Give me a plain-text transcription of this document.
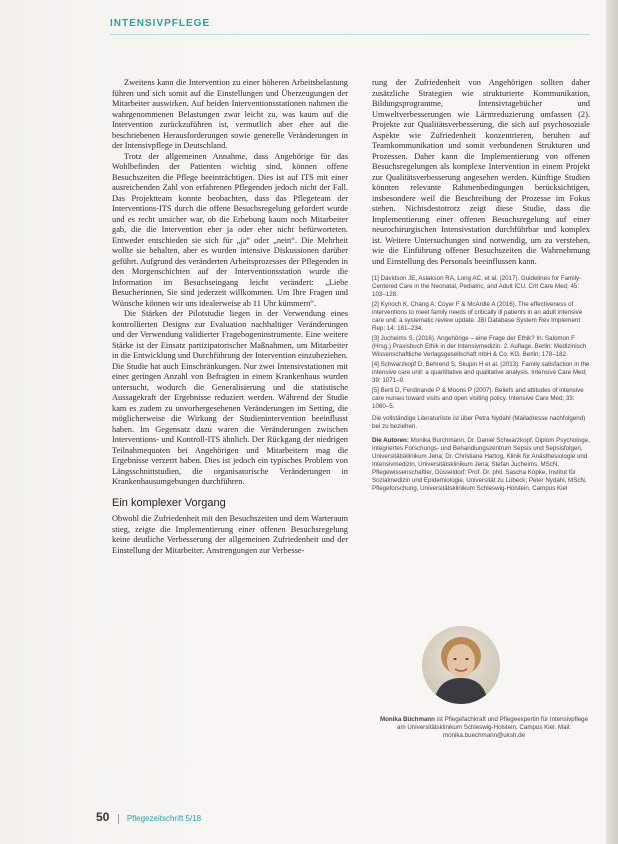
INTENSIVPFLEGE

Zweitens kann die Intervention zu einer höheren Arbeitsbelastung führen und sich somit auf die Einstellungen und Überzeugungen der Mitarbeiter auswirken. Auf beiden Interventionsstationen nahmen die wahrgenommenen Belastungen zwar leicht zu, was kaum auf die Intervention zurückzuführen ist, vermutlich aber eher auf die beschriebenen Herausforderungen sowie generelle Veränderungen in der Intensivpflege in Deutschland.

Trotz der allgemeinen Annahme, dass Angehörige für das Wohlbefinden der Patienten wichtig sind, können offene Besuchszeiten die Pflege beeinträchtigen. Dies ist auf ITS mit einer ausreichenden Zahl von erfahrenen Pflegenden jedoch nicht der Fall. Das Projektteam konnte beobachten, dass das Pflegeteam der Interventions-ITS durch die offene Besuchsregelung gefordert wurde und es recht unsicher war, ob die Erhebung kaum noch Mitarbeiter gab, die die Intervention eher ja oder eher nicht befürworteten. Entweder entschieden sie sich für „ja“ oder „nein“. Die Mehrheit wollte sie behalten, aber es wurden intensive Diskussionen darüber geführt. Aufgrund des veränderten Arbeitsprozesses der Pflegenden in den Morgenschichten auf der Interventionsstation wurde die Information im Besuchseingang leicht verändert: „Liebe Besucherinnen, Sie sind jederzeit willkommen. Um Ihre Fragen und Wünsche können wir uns idealerweise ab 11 Uhr kümmern“.

Die Stärken der Pilotstudie liegen in der Verwendung eines kontrollierten Designs zur Evaluation nachhaltiger Veränderungen und der Verwendung validierter Fragebogeninstrumente. Eine weitere Stärke ist der Einsatz partizipatorischer Maßnahmen, um Mitarbeiter in die Entwicklung und Durchführung der Intervention einzubeziehen. Die Studie hat auch Einschränkungen. Nur zwei Intensivstationen mit einer geringen Anzahl von Befragten in einem Krankenhaus wurden untersucht, wodurch die Generalisierung und die statistische Aussagekraft der Ergebnisse reduziert werden. Während der Studie kam es zudem zu unvorhergesehenen Veränderungen im Setting, die möglicherweise die Wirkung der Studienintervention beeinflusst haben. Im Gegensatz dazu waren die Veränderungen zwischen Interventions- und Kontroll-ITS ähnlich. Der Rückgang der niedrigen Teilnahmequoten bei Angehörigen und Mitarbeitern mag die Ergebnisse verzerrt haben. Dies ist jedoch ein typisches Problem von Längsschnittstudien, die organisatorische Veränderungen in Krankenhausumgebungen durchführen.

Ein komplexer Vorgang

Obwohl die Zufriedenheit mit den Besuchszeiten und dem Warteraum stieg, zeigte die Implementierung einer offenen Besuchsregelung keine deutliche Verbesserung der allgemeinen Zufriedenheit und der Einstellung der Mitarbeiter. Anstrengungen zur Verbesse-

rung der Zufriedenheit von Angehörigen sollten daher zusätzliche Strategien wie strukturierte Kommunikation, Bildungsprogramme, Intensivtagebücher und Umweltverbesserungen wie Lärmreduzierung umfassen (2). Projekte zur Qualitätsverbesserung, die sich auf psychosoziale Aspekte wie Zufriedenheit konzentrieren, beruhen auf Teamkommunikation und somit verbundenen Strukturen und Prozessen. Daher kann die Implementierung von offenen Besuchsregelungen als komplexe Intervention in einem Projekt zur Qualitätsverbesserung angesehen werden. Künftige Studien könnten relevante Rahmenbedingungen berücksichtigen, insbesondere weil die Beschreibung der Prozesse im Fokus stehen. Nichtsdestotrotz zeigt diese Studie, dass die Implementierung einer offenen Besuchsregelung auf einer neurochirurgischen Intensivstation durchführbar und komplex ist. Weitere Untersuchungen sind notwendig, um zu verstehen, wie die Einführung offener Besuchszeiten die Wahrnehmung und Einstellung des Personals beeinflussen kann.

[1] Davidson JE, Aslakson RA, Long AC, et al. (2017). Guidelines for Family-Centered Care in the Neonatal, Pediatric, and Adult ICU. Crit Care Med; 45: 103–128.
[2] Kynoch K, Chang A, Coyer F & McArdle A (2016). The effectiveness of interventions to meet family needs of critically ill patients in an adult intensive care unit: a systematic review update. JBI Database System Rev Implement Rep; 14: 181–234.
[3] Jucheims S. (2016). Angehörige – eine Frage der Ethik? In: Salomon F (Hrsg.) Praxisbuch Ethik in der Intensivmedizin. 2. Auflage. Berlin: Medizinisch Wissenschaftliche Verlagsgesellschaft mbH & Co. KG. Berlin; 178–182.
[4] Schwarzkopf D, Behrend S, Skupin H et al. (2013). Family satisfaction in the intensive care unit: a quantitative and qualitative analysis. Intensive Care Med; 39: 1071–9.
[5] Berti D, Ferdinande P & Moons P (2007). Beliefs and attitudes of intensive care nurses toward visits and open visiting policy. Intensive Care Med; 33: 1060–5.
Die vollständige Literaturliste ist über Petra Nydahl (Mailadresse nachfolgend) bei zu beziehen.
Die Autoren: Monika Burchmann, Dr. Daniel Schwarzkopf, Diplom Psychologe, Integriertes Forschungs- und Behandlungszentrum Sepsis und Sepsisfolgen, Universitätsklinikum Jena; Dr. Christiane Hartog, Klinik für Anästhesiologie und Intensivmedizin, Universitätsklinikum Jena; Stefan Jucheims, MScN, Pflegewissenschaftler, Düsseldorf; Prof. Dr. phil. Sascha Köpke, Institut für Sozialmedizin und Epidemiologie, Universität zu Lübeck; Peter Nydahl, MScN, Pflegeforschung, Universitätsklinikum Schleswig-Holstein, Campus Kiel
Monika Büchmann ist Pflegefachkraft und Pflegeexpertin für Intensivpflege am Universitätsklinikum Schleswig-Holstein, Campus Kiel. Mail: monika.buechmann@uksh.de
50 Pflegezeitschrift 5/18
